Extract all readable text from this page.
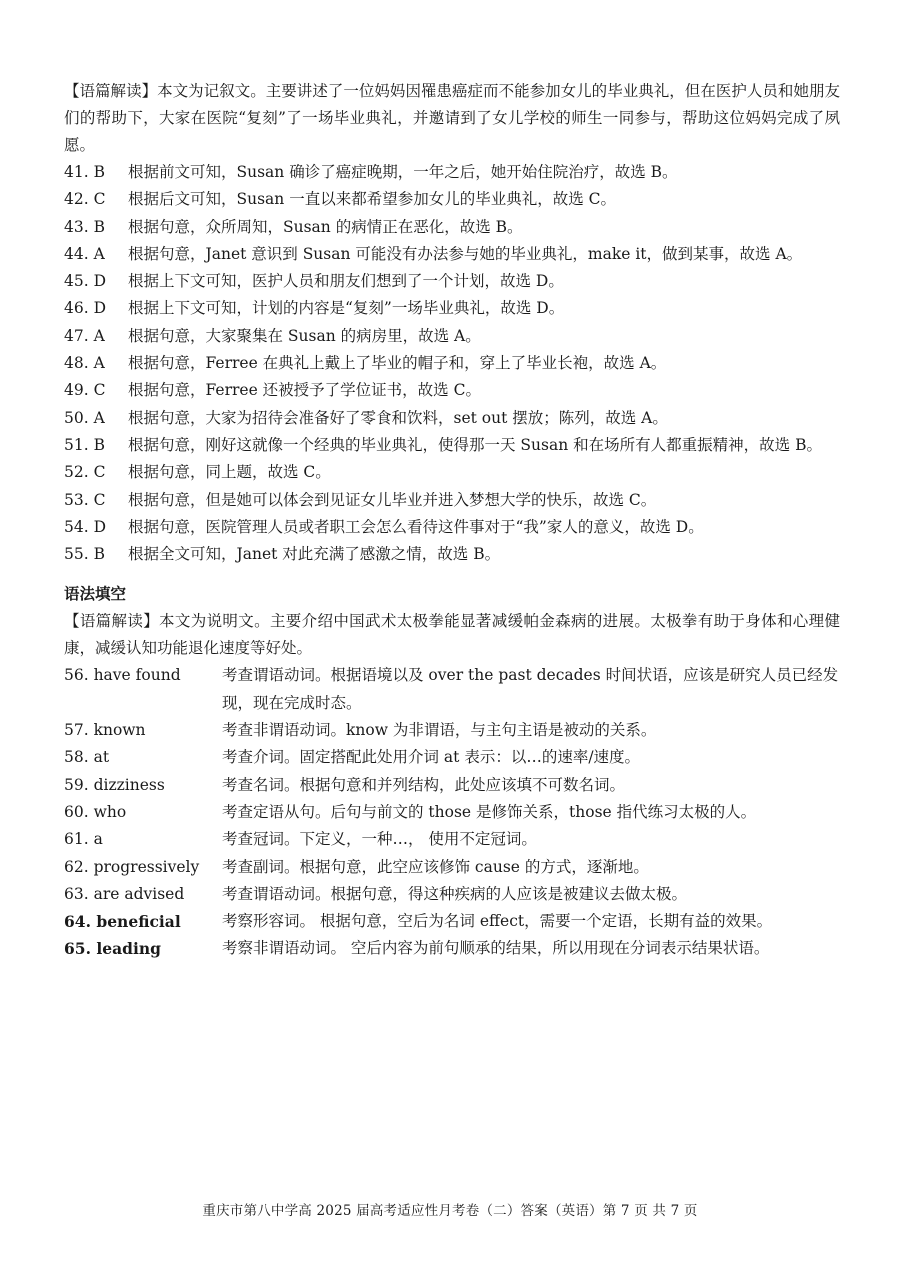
【语篇解读】本文为记叙文。主要讲述了一位妈妈因罹患癌症而不能参加女儿的毕业典礼，但在医护人员和她朋友们的帮助下，大家在医院“复刻”了一场毕业典礼，并邀请到了女儿学校的师生一同参与，帮助这位妈妈完成了夙愿。

41. B	根据前文可知，Susan 确诊了癌症晚期，一年之后，她开始住院治疗，故选 B。
42. C	根据后文可知，Susan 一直以来都希望参加女儿的毕业典礼，故选 C。
43. B	根据句意，众所周知，Susan 的病情正在恶化，故选 B。
44. A	根据句意，Janet 意识到 Susan 可能没有办法参与她的毕业典礼，make it，做到某事，故选 A。
45. D	根据上下文可知，医护人员和朋友们想到了一个计划，故选 D。
46. D	根据上下文可知，计划的内容是“复刻”一场毕业典礼，故选 D。
47. A	根据句意，大家聚集在 Susan 的病房里，故选 A。
48. A	根据句意，Ferree 在典礼上戴上了毕业的帽子和，穿上了毕业长袍，故选 A。
49. C	根据句意，Ferree 还被授予了学位证书，故选 C。
50. A	根据句意，大家为招待会准备好了零食和饮料，set out 摆放；陈列，故选 A。
51. B	根据句意，刚好这就像一个经典的毕业典礼，使得那一天 Susan 和在场所有人都重振精神，故选 B。
52. C	根据句意，同上题，故选 C。
53. C	根据句意，但是她可以体会到见证女儿毕业并进入梦想大学的快乐，故选 C。
54. D	根据句意，医院管理人员或者职工会怎么看待这件事对于“我”家人的意义，故选 D。
55. B	根据全文可知，Janet 对此充满了感激之情，故选 B。
语法填空

【语篇解读】本文为说明文。主要介绍中国武术太极拳能显著减缓帕金森病的进展。太极拳有助于身体和心理健康，减缓认知功能退化速度等好处。

56. have found	考查谓语动词。根据语境以及 over the past decades 时间状语，应该是研究人员已经发现，现在完成时态。
57. known	考查非谓语动词。know 为非谓语，与主句主语是被动的关系。
58. at	考查介词。固定搭配此处用介词 at 表示：以…的速率/速度。
59. dizziness	考查名词。根据句意和并列结构，此处应该填不可数名词。
60. who	考查定语从句。后句与前文的 those 是修饰关系，those 指代练习太极的人。
61. a	考查冠词。下定义，一种…， 使用不定冠词。
62. progressively	考查副词。根据句意，此空应该修饰 cause 的方式，逐渐地。
63. are advised	考查谓语动词。根据句意，得这种疾病的人应该是被建议去做太极。
64. beneficial	考察形容词。 根据句意，空后为名词 effect，需要一个定语，长期有益的效果。
65. leading	考察非谓语动词。 空后内容为前句顺承的结果，所以用现在分词表示结果状语。
重庆市第八中学高 2025 届高考适应性月考卷（二）答案（英语）第 7 页 共 7 页
